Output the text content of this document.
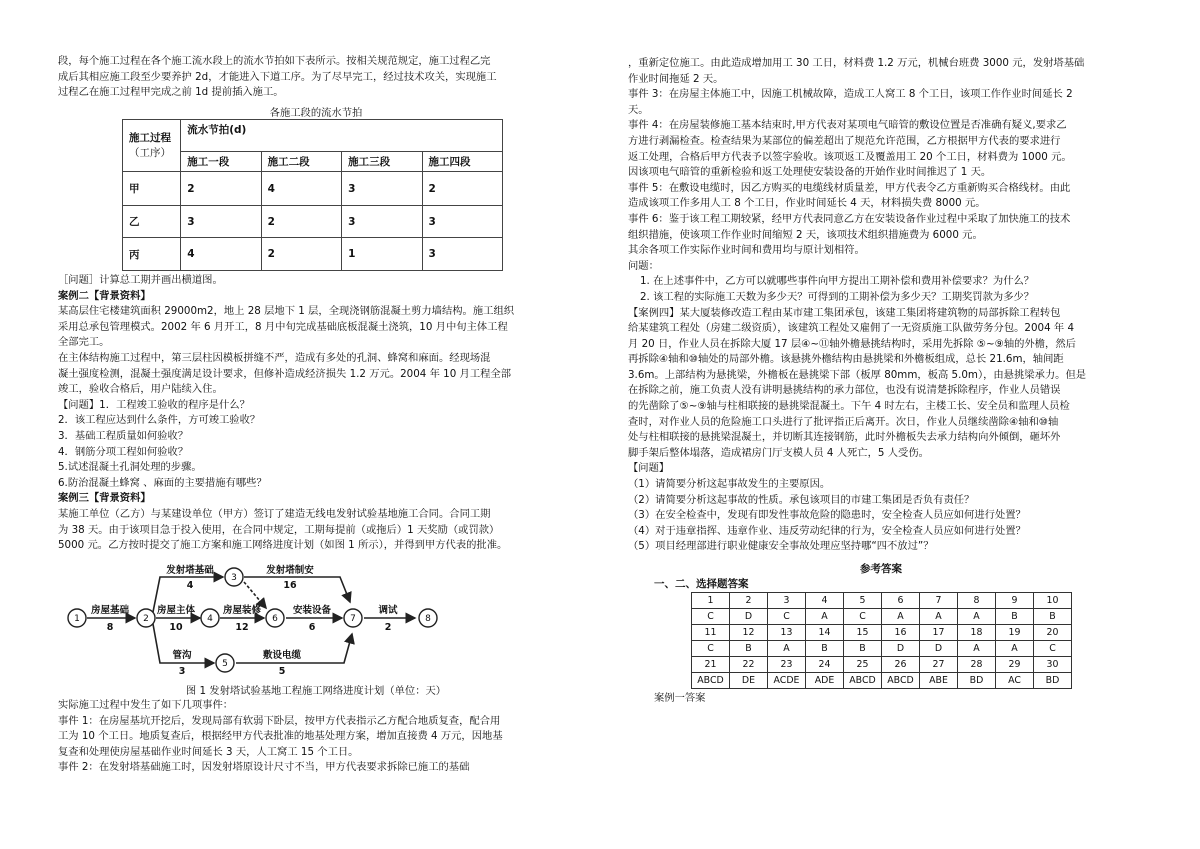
段，每个施工过程在各个施工流水段上的流水节拍如下表所示。按相关规范规定，施工过程乙完

成后其相应施工段至少要养护 2d，才能进入下道工序。为了尽早完工，经过技术攻关，实现施工

过程乙在施工过程甲完成之前 1d 提前插入施工。

各施工段的流水节拍
施工过程
（工序）	流水节拍(d)			
	施工一段	施工二段	施工三段	施工四段
甲	2	4	3	2
乙	3	2	3	3
丙	4	2	1	3

［问题］计算总工期并画出横道图。

案例二【背景资料】

某高层住宅楼建筑面积 29000m2，地上 28 层地下 1 层，全现浇钢筋混凝土剪力墙结构。施工组织

采用总承包管理模式。2002 年 6 月开工，8 月中旬完成基础底板混凝土浇筑，10 月中旬主体工程

全部完工。

在主体结构施工过程中，第三层柱因模板拼缝不严，造成有多处的孔洞、蜂窝和麻面。经现场混

凝土强度检测，混凝土强度满足设计要求，但修补造成经济损失 1.2 万元。2004 年 10 月工程全部

竣工，验收合格后，用户陆续入住。

【问题】1．工程竣工验收的程序是什么？

2．该工程应达到什么条件，方可竣工验收？

3．基础工程质量如何验收？

4．钢筋分项工程如何验收？

5.试述混凝土孔洞处理的步骤。

6.防治混凝土蜂窝 、麻面的主要措施有哪些？

案例三【背景资料】

某施工单位（乙方）与某建设单位（甲方）签订了建造无线电发射试验基地施工合同。合同工期

为 38 天。由于该项目急于投入使用，在合同中规定，工期每提前（或拖后）1 天奖励（或罚款）

5000 元。乙方按时提交了施工方案和施工网络进度计划（如图 1 所示），并得到甲方代表的批准。

1	2
3
4
5
6	7	8
房屋基础
8
发射塔基础
4
发射塔制安
16
房屋主体
10
房屋装修
12
安装设备
6
调试
2
管沟
3
敷设电缆
5
图 1 发射塔试验基地工程施工网络进度计划（单位：天）

实际施工过程中发生了如下几项事件：

事件 1：在房屋基坑开挖后，发现局部有软弱下卧层，按甲方代表指示乙方配合地质复查，配合用

工为 10 个工日。地质复查后，根据经甲方代表批准的地基处理方案，增加直接费 4 万元，因地基

复查和处理使房屋基础作业时间延长 3 天，人工窝工 15 个工日。

事件 2：在发射塔基础施工时，因发射塔原设计尺寸不当，甲方代表要求拆除已施工的基础

，重新定位施工。由此造成增加用工 30 工日，材料费 1.2 万元，机械台班费 3000 元，发射塔基础

作业时间拖延 2 天。

事件 3：在房屋主体施工中，因施工机械故障，造成工人窝工 8 个工日，该项工作作业时间延长 2

天。

事件 4：在房屋装修施工基本结束时,甲方代表对某项电气暗管的敷设位置是否准确有疑义,要求乙

方进行剥漏检查。检查结果为某部位的偏差超出了规范允许范围，乙方根据甲方代表的要求进行

返工处理，合格后甲方代表予以签字验收。该项返工及覆盖用工 20 个工日，材料费为 1000 元。

因该项电气暗管的重新检验和返工处理使安装设备的开始作业时间推迟了 1 天。

事件 5：在敷设电缆时，因乙方购买的电缆线材质量差，甲方代表令乙方重新购买合格线材。由此

造成该项工作多用人工 8 个工日，作业时间延长 4 天，材料损失费 8000 元。

事件 6：鉴于该工程工期较紧，经甲方代表同意乙方在安装设备作业过程中采取了加快施工的技术

组织措施，使该项工作作业时间缩短 2 天，该项技术组织措施费为 6000 元。

其余各项工作实际作业时间和费用均与原计划相符。

问题：

1. 在上述事件中，乙方可以就哪些事件向甲方提出工期补偿和费用补偿要求？为什么？

2. 该工程的实际施工天数为多少天？可得到的工期补偿为多少天？工期奖罚款为多少？

【案例四】某大厦装修改造工程由某市建工集团承包，该建工集团将建筑物的局部拆除工程转包

给某建筑工程处（房建二级资质），该建筑工程处又雇佣了一无资质施工队做劳务分包。2004 年 4

月 20 日，作业人员在拆除大厦 17 层④~⑪轴外檐悬挑结构时，采用先拆除 ⑤~⑨轴的外檐，然后

再拆除④轴和⑩轴处的局部外檐。该悬挑外檐结构由悬挑梁和外檐板组成，总长 21.6m，轴间距

3.6m。上部结构为悬挑梁，外檐板在悬挑梁下部（板厚 80mm，板高 5.0m），由悬挑梁承力。但是

在拆除之前，施工负责人没有讲明悬挑结构的承力部位，也没有说清楚拆除程序，作业人员错误

的先凿除了⑤~⑨轴与柱相联接的悬挑梁混凝土。下午 4 时左右，主楼工长、安全员和监理人员检

查时，对作业人员的危险施工口头进行了批评指正后离开。次日，作业人员继续凿除④轴和⑩轴

处与柱相联接的悬挑梁混凝土，并切断其连接钢筋，此时外檐板失去承力结构向外倾倒，砸坏外

脚手架后整体塌落，造成裙房门厅支模人员 4 人死亡，5 人受伤。

【问题】

（1）请简要分析这起事故发生的主要原因。

（2）请简要分析这起事故的性质。承包该项目的市建工集团是否负有责任？

（3）在安全检查中，发现有即发性事故危险的隐患时，安全检查人员应如何进行处置？

（4）对于违章指挥、违章作业、违反劳动纪律的行为，安全检查人员应如何进行处置？

（5）项目经理部进行职业健康安全事故处理应坚持哪“四不放过”？

参考答案
一、二、选择题答案
1	2	3	4	5	6	7	8	9	10
C	D	C	A	C	A	A	A	B	B
11	12	13	14	15	16	17	18	19	20
C	B	A	B	B	D	D	A	A	C
21	22	23	24	25	26	27	28	29	30
ABCD	DE	ACDE	ADE	ABCD	ABCD	ABE	BD	AC	BD
案例一答案
